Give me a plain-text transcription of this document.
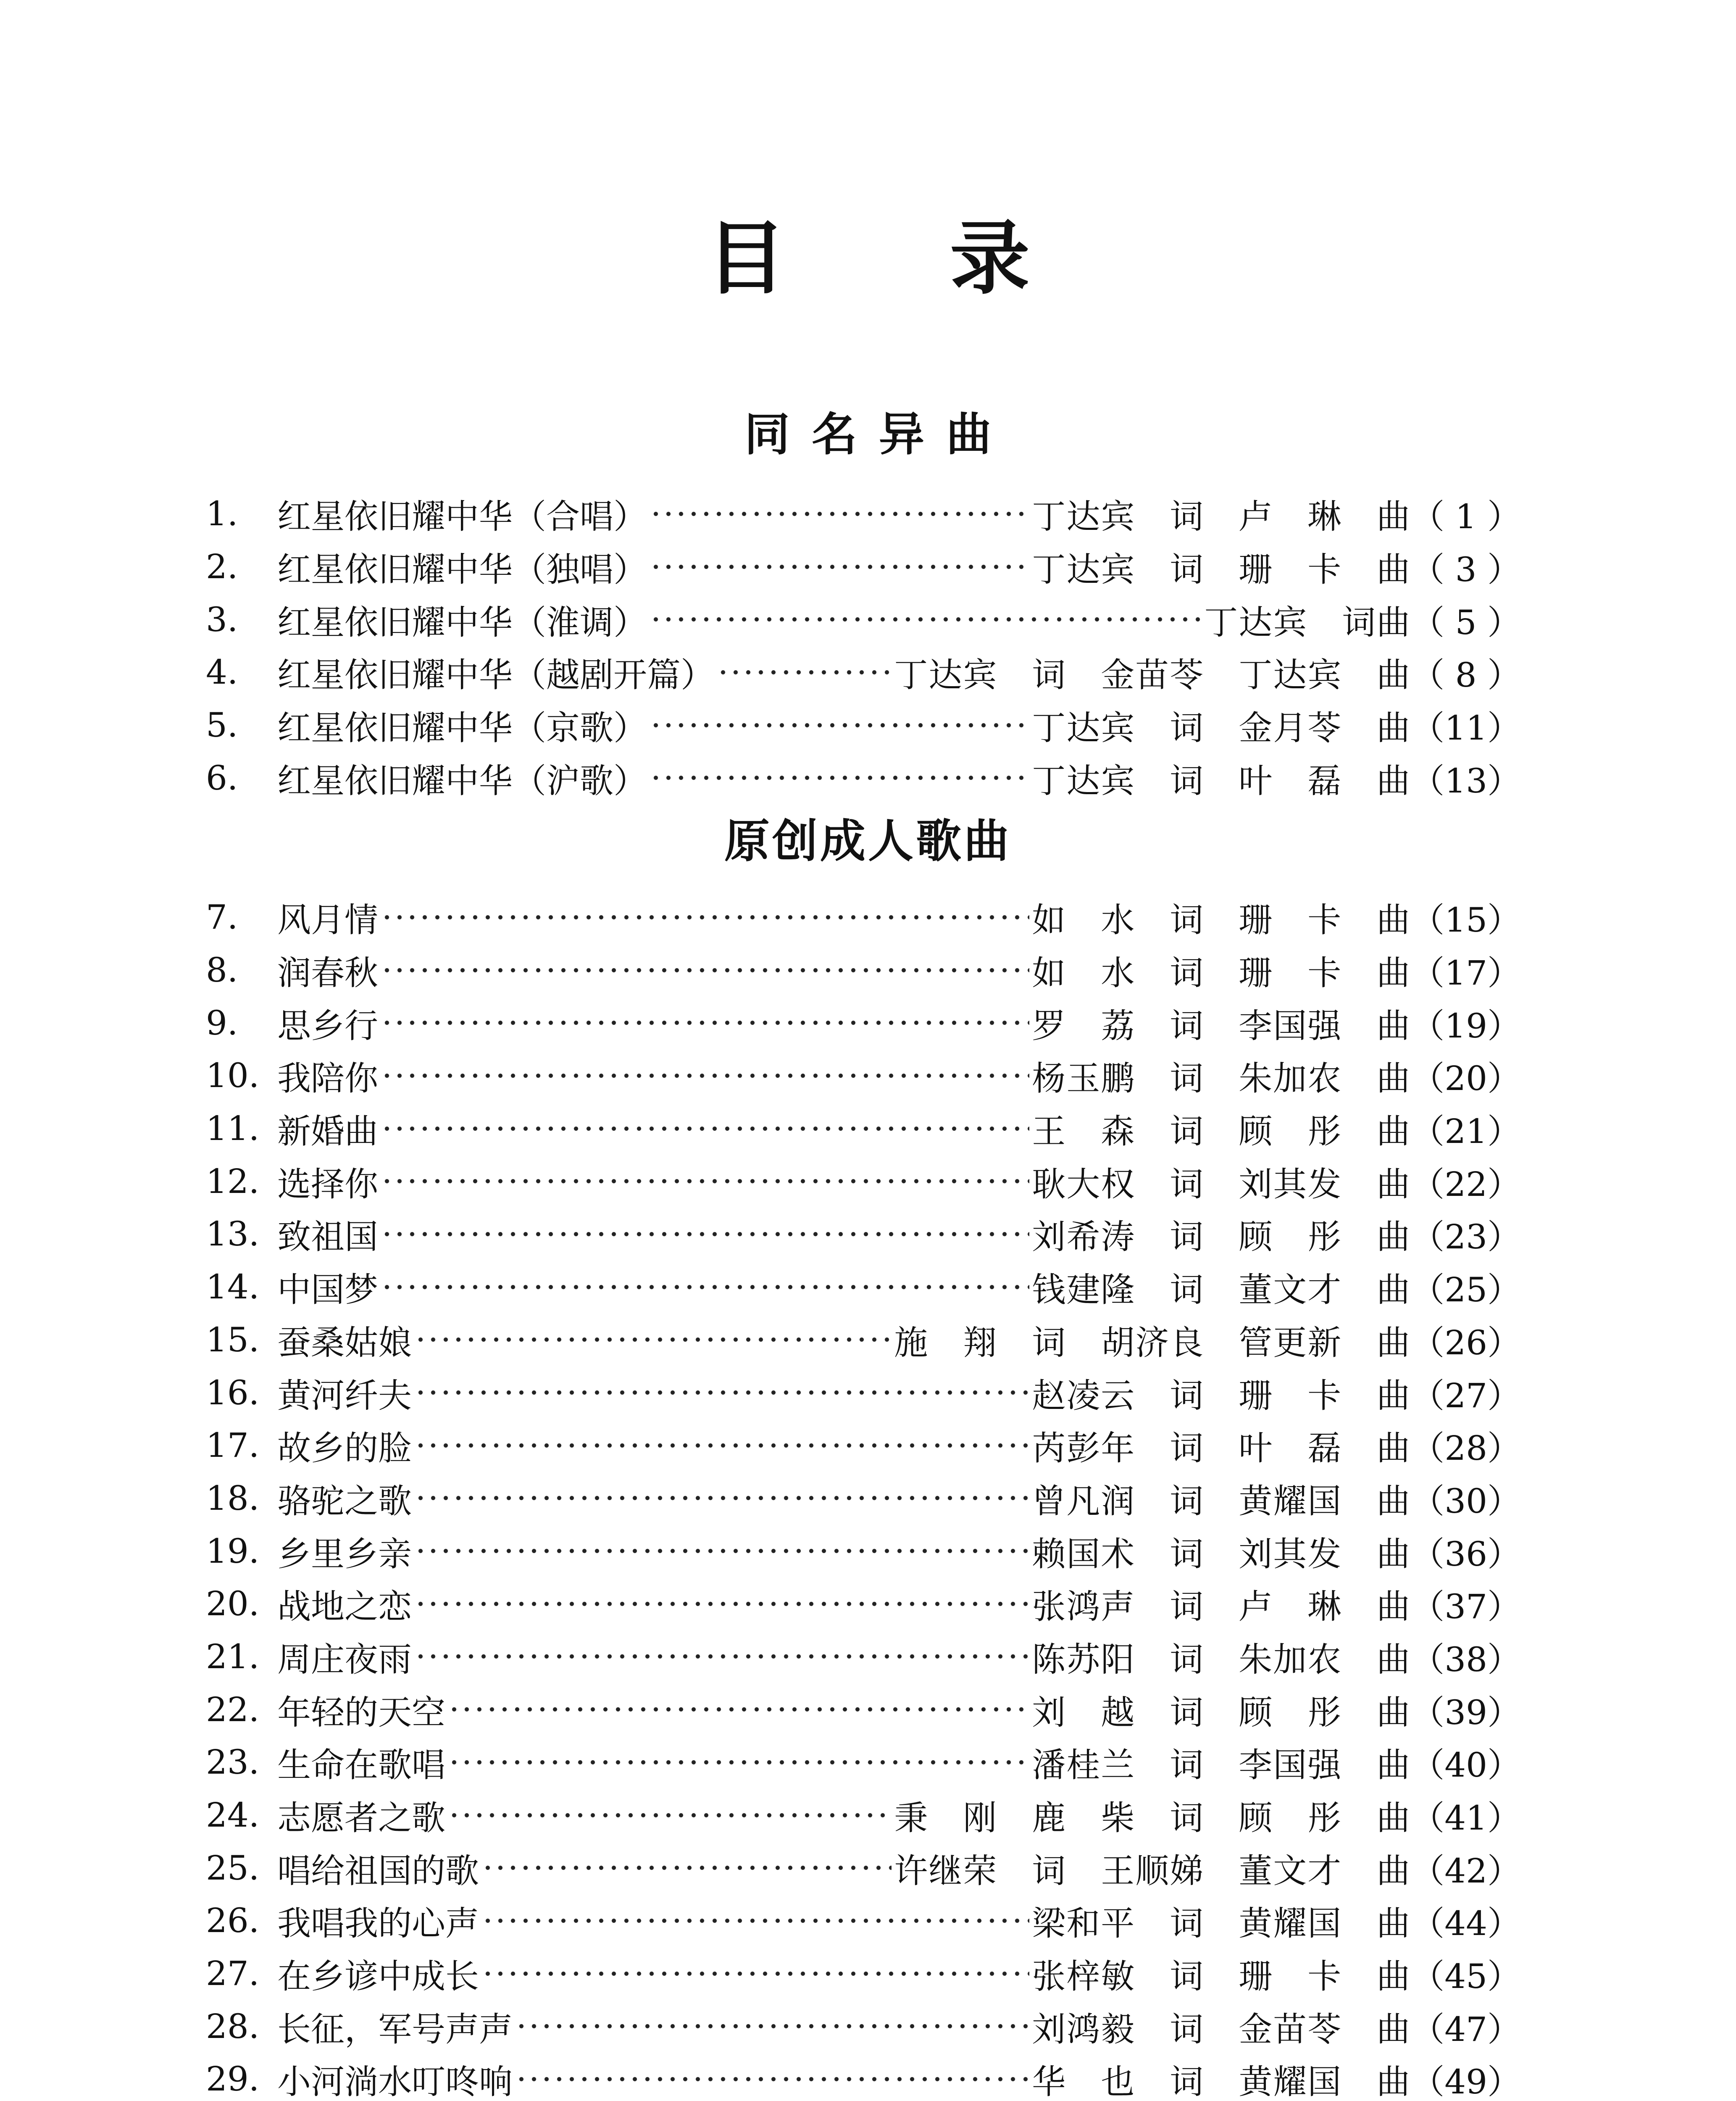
目　录
同名异曲
1.	红星依旧耀中华（合唱）	丁达宾　词　卢　琳　曲 （ 1 ）
2.	红星依旧耀中华（独唱）	丁达宾　词　珊　卡　曲 （ 3 ）
3.	红星依旧耀中华（淮调）	丁达宾　词曲 （ 5 ）
4.	红星依旧耀中华（越剧开篇）	丁达宾　词　金苗苓　丁达宾　曲 （ 8 ）
5.	红星依旧耀中华（京歌）	丁达宾　词　金月苓　曲 （11）
6.	红星依旧耀中华（沪歌）	丁达宾　词　叶　磊　曲 （13）
原创成人歌曲
7.	风月情	如　水　词　珊　卡　曲 （15）
8.	润春秋	如　水　词　珊　卡　曲 （17）
9.	思乡行	罗　荔　词　李国强　曲 （19）
10. 我陪你	杨玉鹏　词　朱加农　曲 （20）
11. 新婚曲	王　森　词　顾　彤　曲 （21）
12. 选择你	耿大权　词　刘其发　曲 （22）
13. 致祖国	刘希涛　词　顾　彤　曲 （23）
14. 中国梦	钱建隆　词　董文才　曲 （25）
15. 蚕桑姑娘	施　翔　词　胡济良　管更新　曲 （26）
16. 黄河纤夫	赵凌云　词　珊　卡　曲 （27）
17. 故乡的脸	芮彭年　词　叶　磊　曲 （28）
18. 骆驼之歌	曾凡润　词　黄耀国　曲 （30）
19. 乡里乡亲	赖国术　词　刘其发　曲 （36）
20. 战地之恋	张鸿声　词　卢　琳　曲 （37）
21. 周庄夜雨	陈苏阳　词　朱加农　曲 （38）
22. 年轻的天空	刘　越　词　顾　彤　曲 （39）
23. 生命在歌唱	潘桂兰　词　李国强　曲 （40）
24. 志愿者之歌	秉　刚　鹿　柴　词　顾　彤　曲 （41）
25. 唱给祖国的歌	许继荣　词　王顺娣　董文才　曲 （42）
26. 我唱我的心声	梁和平　词　黄耀国　曲 （44）
27. 在乡谚中成长	张梓敏　词　珊　卡　曲 （45）
28. 长征，军号声声	刘鸿毅　词　金苗苓　曲 （47）
29. 小河淌水叮咚响	华　也　词　黄耀国　曲 （49）
